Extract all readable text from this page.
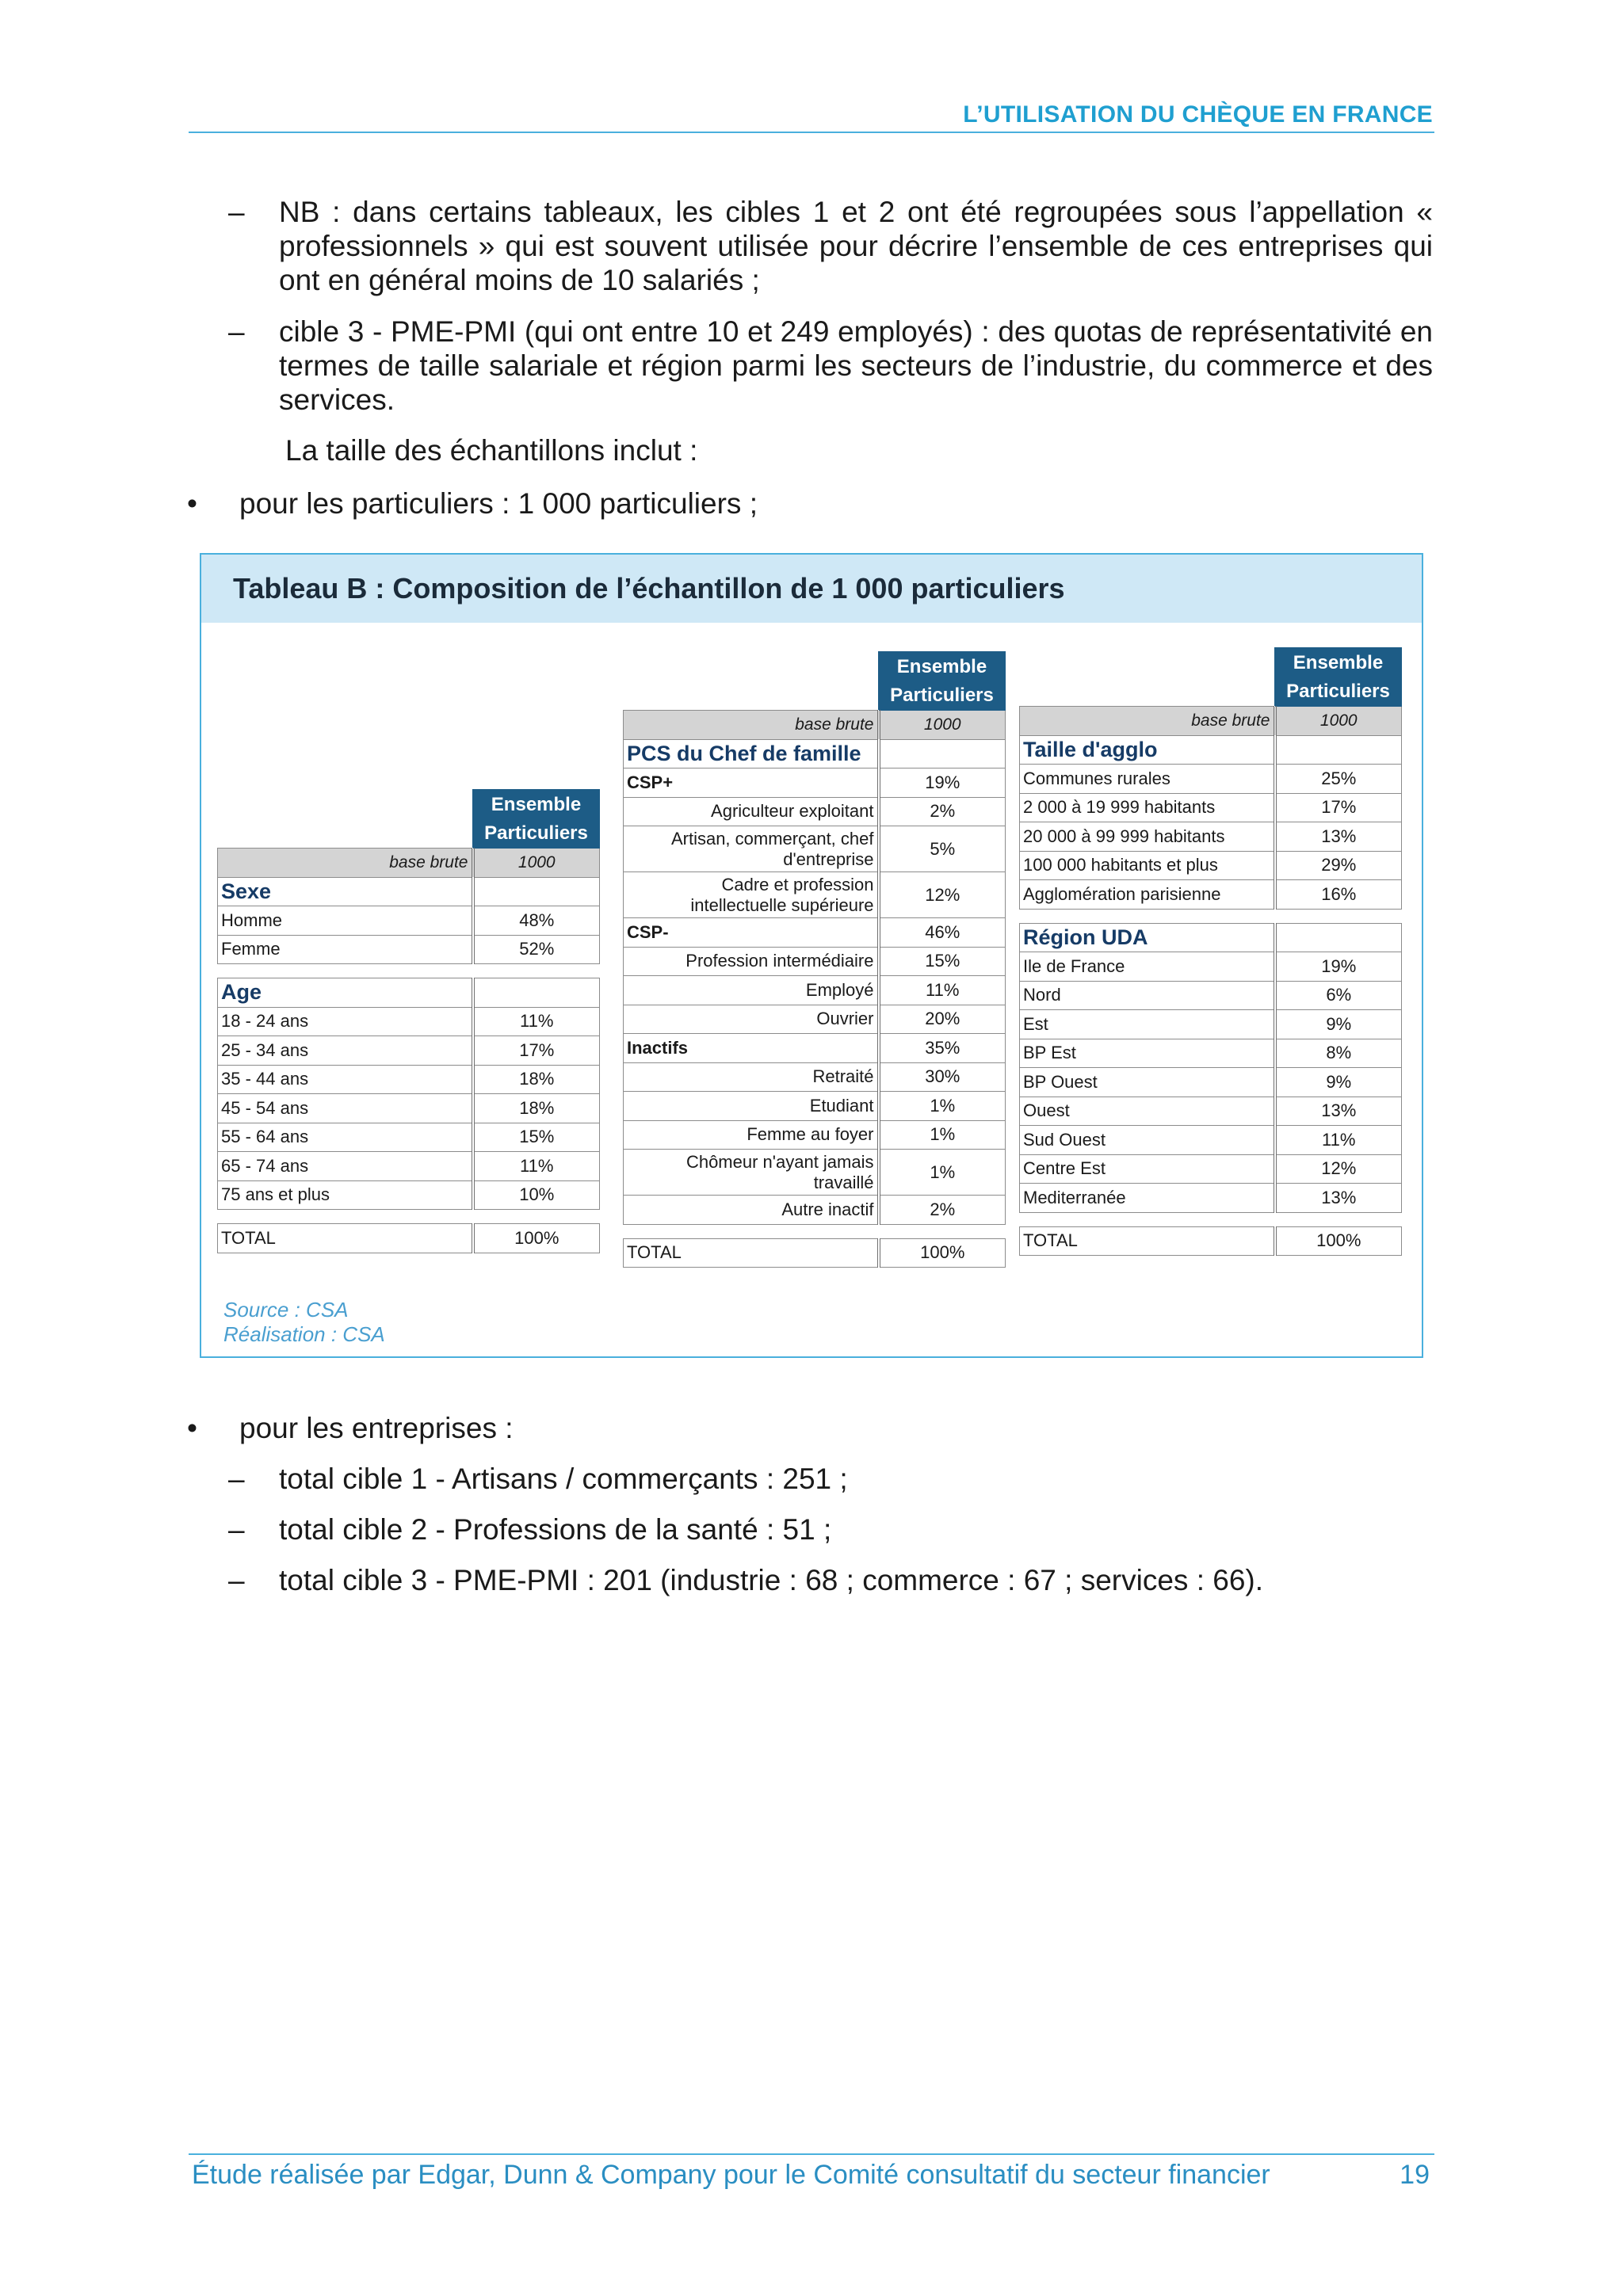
L’UTILISATION DU CHÈQUE EN FRANCE
– NB : dans certains tableaux, les cibles 1 et 2 ont été regroupées sous l’appellation « professionnels » qui est souvent utilisée pour décrire l’ensemble de ces entreprises qui ont en général moins de 10 salariés ;
– cible 3 - PME-PMI (qui ont entre 10 et 249 employés) : des quotas de représentativité en termes de taille salariale et région parmi les secteurs de l’industrie, du commerce et des services.
La taille des échantillons inclut :
• pour les particuliers : 1 000 particuliers ;
Tableau B : Composition de l’échantillon de 1 000 particuliers
	Ensemble
Particuliers
base brute	1000
Sexe	
Homme	48%
Femme	52%

Age	
18 - 24 ans	11%
25 - 34 ans	17%
35 - 44 ans	18%
45 - 54 ans	18%
55 - 64 ans	15%
65 - 74 ans	11%
75 ans et plus	10%

TOTAL	100%
	Ensemble
Particuliers
base brute	1000
PCS du Chef de famille	
CSP+	19%
Agriculteur exploitant	2%
Artisan, commerçant, chef d'entreprise	5%
Cadre et profession intellectuelle supérieure	12%
CSP-	46%
Profession intermédiaire	15%
Employé	11%
Ouvrier	20%
Inactifs	35%
Retraité	30%
Etudiant	1%
Femme au foyer	1%
Chômeur n'ayant jamais travaillé	1%
Autre inactif	2%

TOTAL	100%
	Ensemble
Particuliers
base brute	1000
Taille d'agglo	
Communes rurales	25%
2 000 à 19 999 habitants	17%
20 000 à 99 999 habitants	13%
100 000 habitants et plus	29%
Agglomération parisienne	16%

Région UDA	
Ile de France	19%
Nord	6%
Est	9%
BP Est	8%
BP Ouest	9%
Ouest	13%
Sud Ouest	11%
Centre Est	12%
Mediterranée	13%

TOTAL	100%
Source : CSA
Réalisation : CSA
• pour les entreprises :
– total cible 1 - Artisans / commerçants : 251 ;
– total cible 2 - Professions de la santé : 51 ;
– total cible 3 - PME-PMI : 201 (industrie : 68 ; commerce : 67 ; services : 66).
Étude réalisée par Edgar, Dunn & Company pour le Comité consultatif du secteur financier	19
